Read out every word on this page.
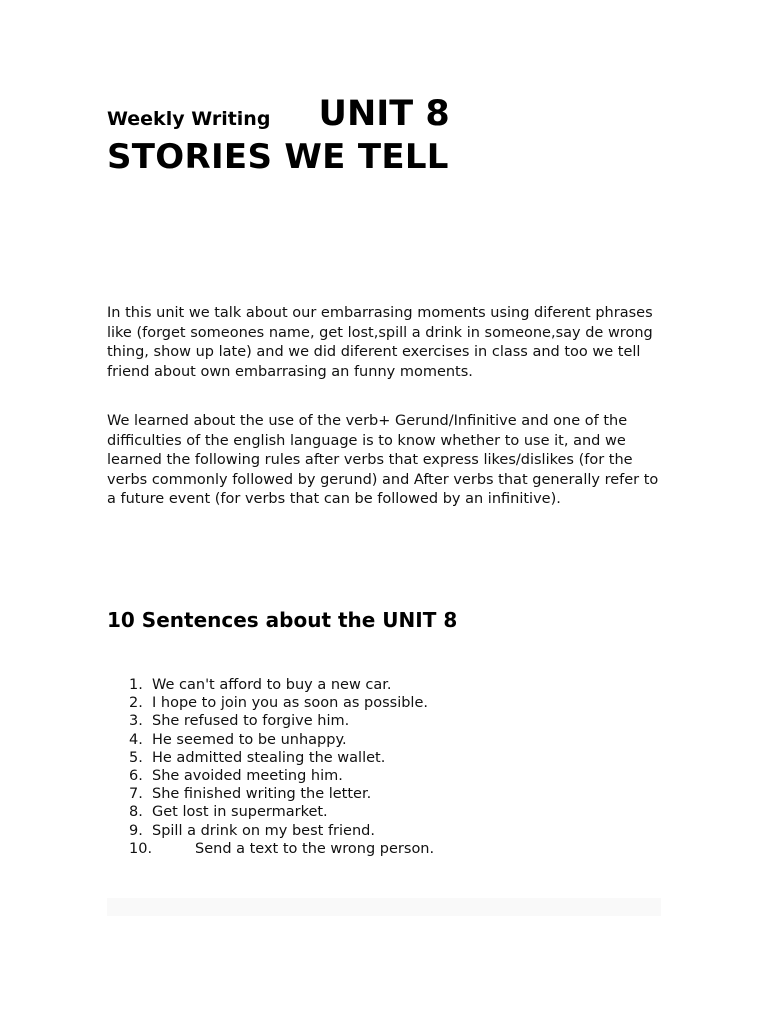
Weekly Writing UNIT 8
STORIES WE TELL

In this unit we talk about our embarrasing moments using diferent phrases like (forget someones name, get lost,spill a drink in someone,say de wrong thing, show up late) and we did diferent exercises in class and too we tell friend about own embarrasing an funny moments.

We learned about the use of the verb+ Gerund/Infinitive and one of the difficulties of the english language is to know whether to use it, and we learned the following rules after verbs that express likes/dislikes (for the verbs commonly followed by gerund) and After verbs that generally refer to a future event (for verbs that can be followed by an infinitive).

10 Sentences about the UNIT 8
1. We can't afford to buy a new car.
2. I hope to join you as soon as possible.
3. She refused to forgive him.
4. He seemed to be unhappy.
5. He admitted stealing the wallet.
6. She avoided meeting him.
7. She finished writing the letter.
8. Get lost in supermarket.
9. Spill a drink on my best friend.
10.	Send a text to the wrong person.
